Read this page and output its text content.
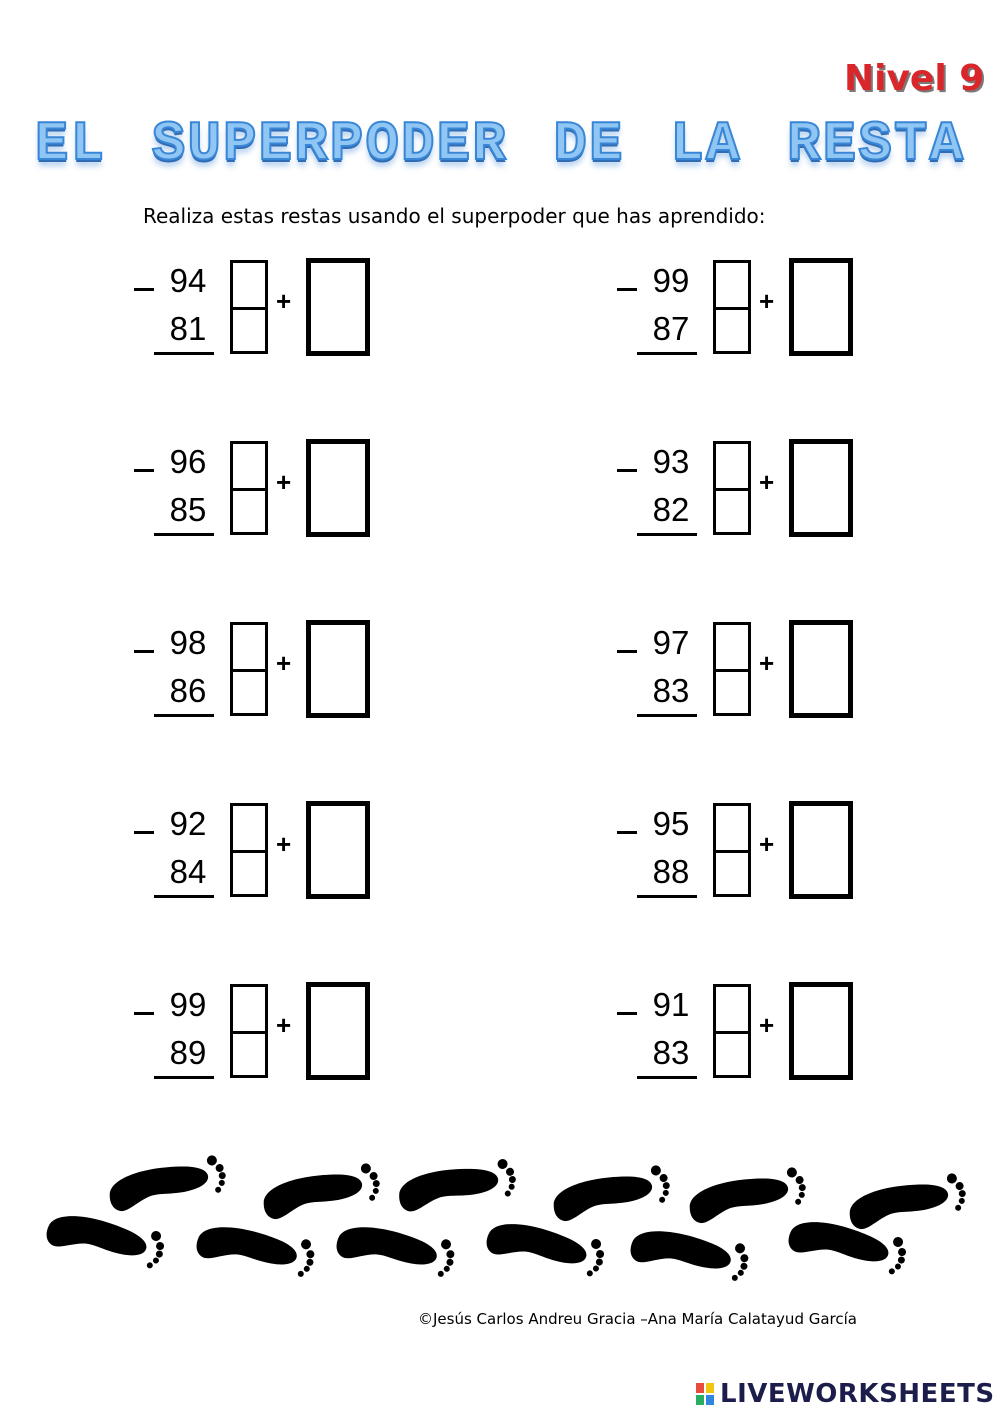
Nivel 9
EL SUPERPODER DE LA RESTA
Realiza estas restas usando el superpoder que has aprendido:
94
81
+
99
87
+
96
85
+
93
82
+
98
86
+
97
83
+
92
84
+
95
88
+
99
89
+
91
83
+
©Jesús Carlos Andreu Gracia –Ana María Calatayud García
LIVEWORKSHEETS
